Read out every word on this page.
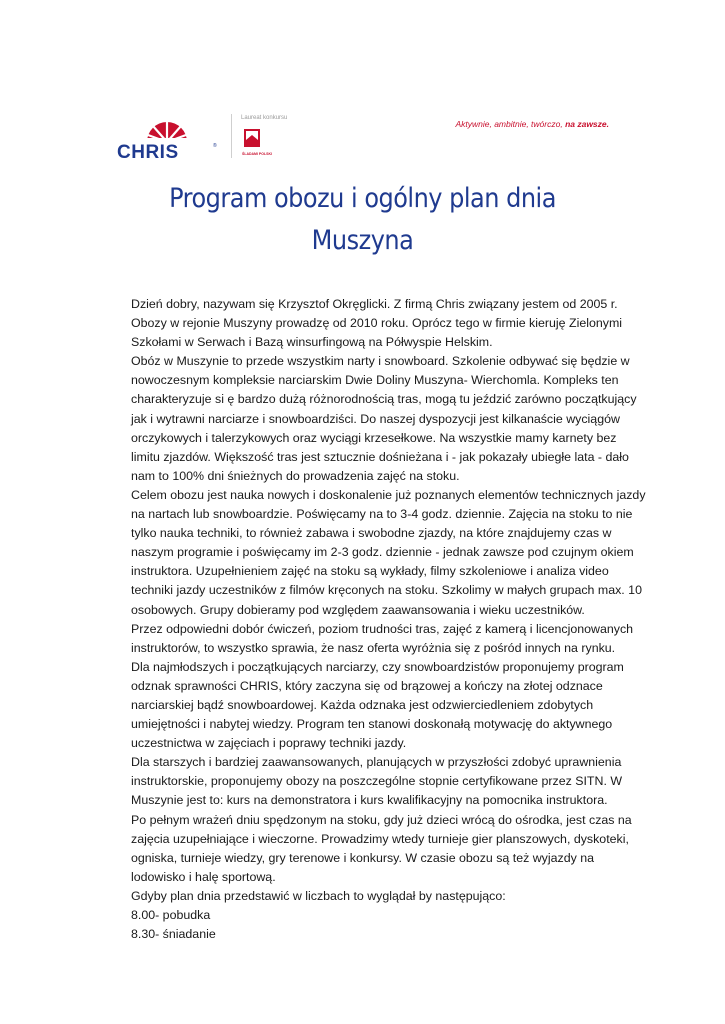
CHRIS	®
Laureat konkursu
ŚLADAMI POLSKI
Aktywnie, ambitnie, twórczo, na zawsze.
Program obozu i ogólny plan dnia
Muszyna

Dzień dobry, nazywam się Krzysztof Okręglicki. Z firmą Chris związany jestem od 2005 r. Obozy w rejonie Muszyny prowadzę od 2010 roku. Oprócz tego w firmie kieruję Zielonymi Szkołami w Serwach i Bazą winsurfingową na Półwyspie Helskim.

Obóz w Muszynie to przede wszystkim narty i snowboard. Szkolenie odbywać się będzie w nowoczesnym kompleksie narciarskim Dwie Doliny Muszyna- Wierchomla. Kompleks ten charakteryzuje si ę bardzo dużą różnorodnością tras, mogą tu jeździć zarówno początkujący jak i wytrawni narciarze i snowboardziści. Do naszej dyspozycji jest kilkanaście wyciągów orczykowych i talerzykowych oraz wyciągi krzesełkowe. Na wszystkie mamy karnety bez limitu zjazdów. Większość tras jest sztucznie dośnieżana i - jak pokazały ubiegłe lata - dało nam to 100% dni śnieżnych do prowadzenia zajęć na stoku.

Celem obozu jest nauka nowych i doskonalenie już poznanych elementów technicznych jazdy na nartach lub snowboardzie. Poświęcamy na to 3-4 godz. dziennie. Zajęcia na stoku to nie tylko nauka techniki, to również zabawa i swobodne zjazdy, na które znajdujemy czas w naszym programie i poświęcamy im 2-3 godz. dziennie - jednak zawsze pod czujnym okiem instruktora. Uzupełnieniem zajęć na stoku są wykłady, filmy szkoleniowe i analiza video techniki jazdy uczestników z filmów kręconych na stoku. Szkolimy w małych grupach max. 10 osobowych. Grupy dobieramy pod względem zaawansowania i wieku uczestników.

Przez odpowiedni dobór ćwiczeń, poziom trudności tras, zajęć z kamerą i licencjonowanych instruktorów, to wszystko sprawia, że nasz oferta wyróżnia się z pośród innych na rynku.

Dla najmłodszych i początkujących narciarzy, czy snowboardzistów proponujemy program odznak sprawności CHRIS, który zaczyna się od brązowej a kończy na złotej odznace narciarskiej bądź snowboardowej. Każda odznaka jest odzwierciedleniem zdobytych umiejętności i nabytej wiedzy. Program ten stanowi doskonałą motywację do aktywnego uczestnictwa w zajęciach i poprawy techniki jazdy.

Dla starszych i bardziej zaawansowanych, planujących w przyszłości zdobyć uprawnienia instruktorskie, proponujemy obozy na poszczególne stopnie certyfikowane przez SITN. W Muszynie jest to: kurs na demonstratora i kurs kwalifikacyjny na pomocnika instruktora.

Po pełnym wrażeń dniu spędzonym na stoku, gdy już dzieci wrócą do ośrodka, jest czas na zajęcia uzupełniające i wieczorne. Prowadzimy wtedy turnieje gier planszowych, dyskoteki, ogniska, turnieje wiedzy, gry terenowe i konkursy. W czasie obozu są też wyjazdy na lodowisko i halę sportową.

Gdyby plan dnia przedstawić w liczbach to wyglądał by następująco:

8.00- pobudka

8.30- śniadanie
